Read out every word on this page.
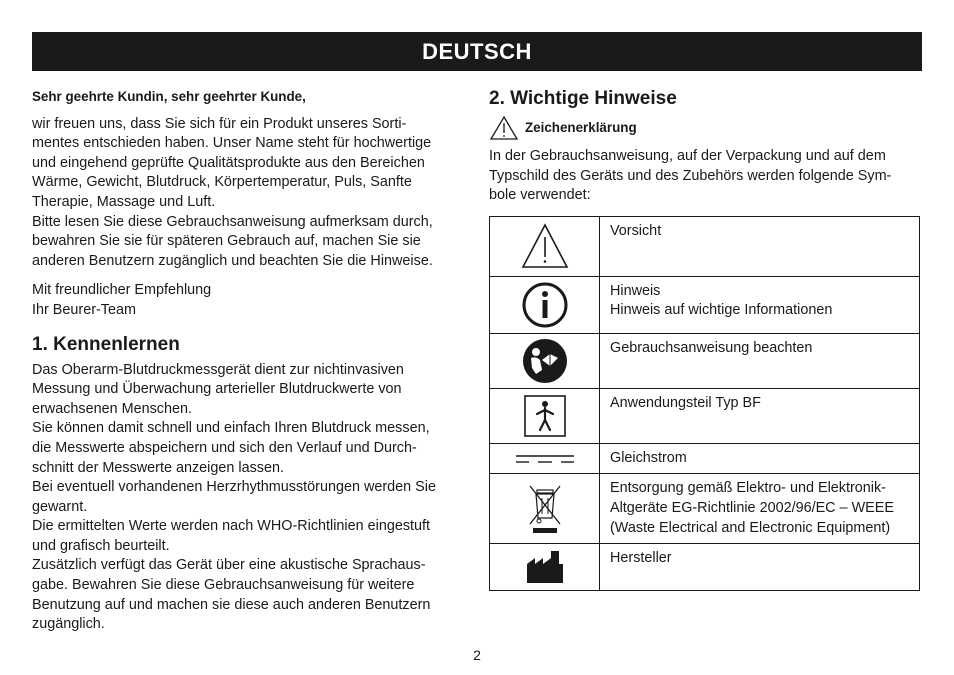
DEUTSCH

Sehr geehrte Kundin, sehr geehrter Kunde,

wir freuen uns, dass Sie sich für ein Produkt unseres Sorti-

mentes entschieden haben. Unser Name steht für hochwertige

und eingehend geprüfte Qualitätsprodukte aus den Bereichen

Wärme, Gewicht, Blutdruck, Körpertemperatur, Puls, Sanfte

Therapie, Massage und Luft.

Bitte lesen Sie diese Gebrauchsanweisung aufmerksam durch,

bewahren Sie sie für späteren Gebrauch auf, machen Sie sie

anderen Benutzern zugänglich und beachten Sie die Hinweise.

Mit freundlicher Empfehlung

Ihr Beurer-Team

1. Kennenlernen

Das Oberarm-Blutdruckmessgerät dient zur nichtinvasiven

Messung und Überwachung arterieller Blutdruckwerte von

erwachsenen Menschen.

Sie können damit schnell und einfach Ihren Blutdruck messen,

die Messwerte abspeichern und sich den Verlauf und Durch-

schnitt der Messwerte anzeigen lassen.

Bei eventuell vorhandenen Herzrhythmusstörungen werden Sie

gewarnt.

Die ermittelten Werte werden nach WHO-Richtlinien eingestuft

und grafisch beurteilt.

Zusätzlich verfügt das Gerät über eine akustische Sprachaus-

gabe. Bewahren Sie diese Gebrauchsanweisung für weitere

Benutzung auf und machen sie diese auch anderen Benutzern

zugänglich.

2. Wichtige Hinweise
Zeichenerklärung

In der Gebrauchsanweisung, auf der Verpackung und auf dem

Typschild des Geräts und des Zubehörs werden folgende Sym-

bole verwendet:

Vorsicht

Hinweis

Hinweis auf wichtige Informationen

Gebrauchsanweisung beachten

Anwendungsteil Typ BF

Gleichstrom

Entsorgung gemäß Elektro- und Elektronik-

Altgeräte EG-Richtlinie 2002/96/EC – WEEE

(Waste Electrical and Electronic Equipment)

Hersteller

2
